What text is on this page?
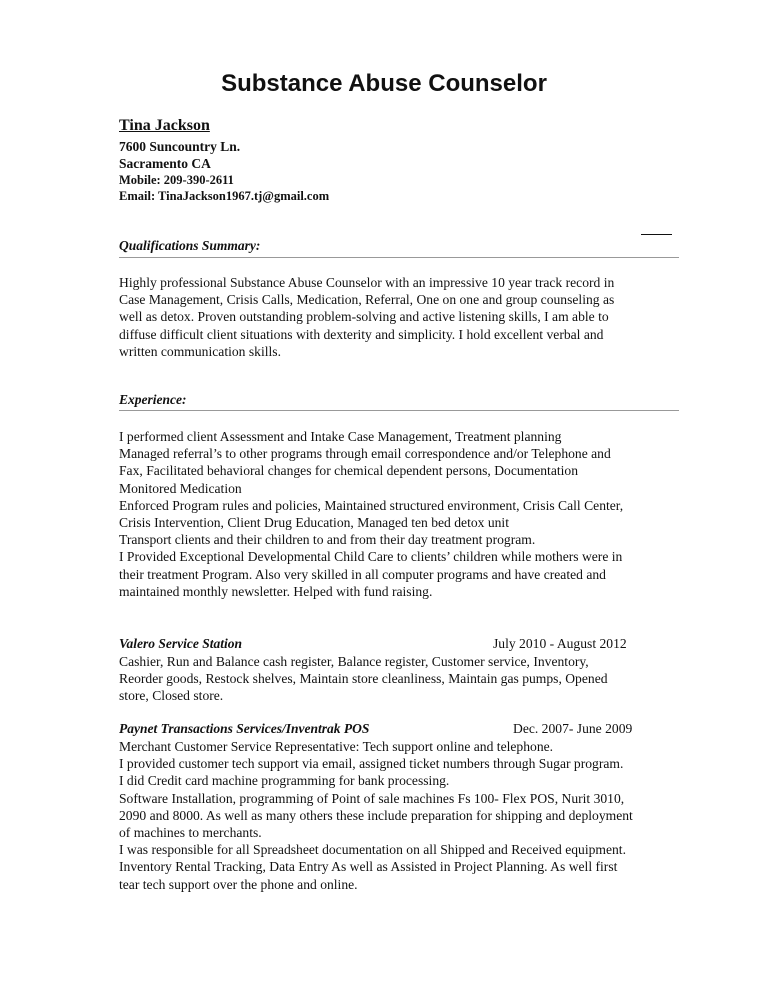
Substance Abuse Counselor
Tina Jackson
7600 Suncountry Ln.
Sacramento CA
Mobile: 209-390-2611
Email: TinaJackson1967.tj@gmail.com
Qualifications Summary:
Highly professional Substance Abuse Counselor with an impressive 10 year track record in
Case Management, Crisis Calls, Medication, Referral, One on one and group counseling as
well as detox. Proven outstanding problem-solving and active listening skills, I am able to
diffuse difficult client situations with dexterity and simplicity. I hold excellent verbal and
written communication skills.
Experience:
I performed client Assessment and Intake Case Management, Treatment planning
Managed referral’s to other programs through email correspondence and/or Telephone and
Fax, Facilitated behavioral changes for chemical dependent persons, Documentation
Monitored Medication
Enforced Program rules and policies, Maintained structured environment, Crisis Call Center,
Crisis Intervention, Client Drug Education, Managed ten bed detox unit
Transport clients and their children to and from their day treatment program.
I Provided Exceptional Developmental Child Care to clients’ children while mothers were in
their treatment Program. Also very skilled in all computer programs and have created and
maintained monthly newsletter. Helped with fund raising.
Valero Service Station	July 2010 - August 2012
Cashier, Run and Balance cash register, Balance register, Customer service, Inventory,
Reorder goods, Restock shelves, Maintain store cleanliness, Maintain gas pumps, Opened
store, Closed store.
Paynet Transactions Services/Inventrak POS	Dec. 2007- June 2009
Merchant Customer Service Representative: Tech support online and telephone.
I provided customer tech support via email, assigned ticket numbers through Sugar program.
I did Credit card machine programming for bank processing.
Software Installation, programming of Point of sale machines Fs 100- Flex POS, Nurit 3010,
2090 and 8000. As well as many others these include preparation for shipping and deployment
of machines to merchants.
I was responsible for all Spreadsheet documentation on all Shipped and Received equipment.
Inventory Rental Tracking, Data Entry As well as Assisted in Project Planning. As well first
tear tech support over the phone and online.
